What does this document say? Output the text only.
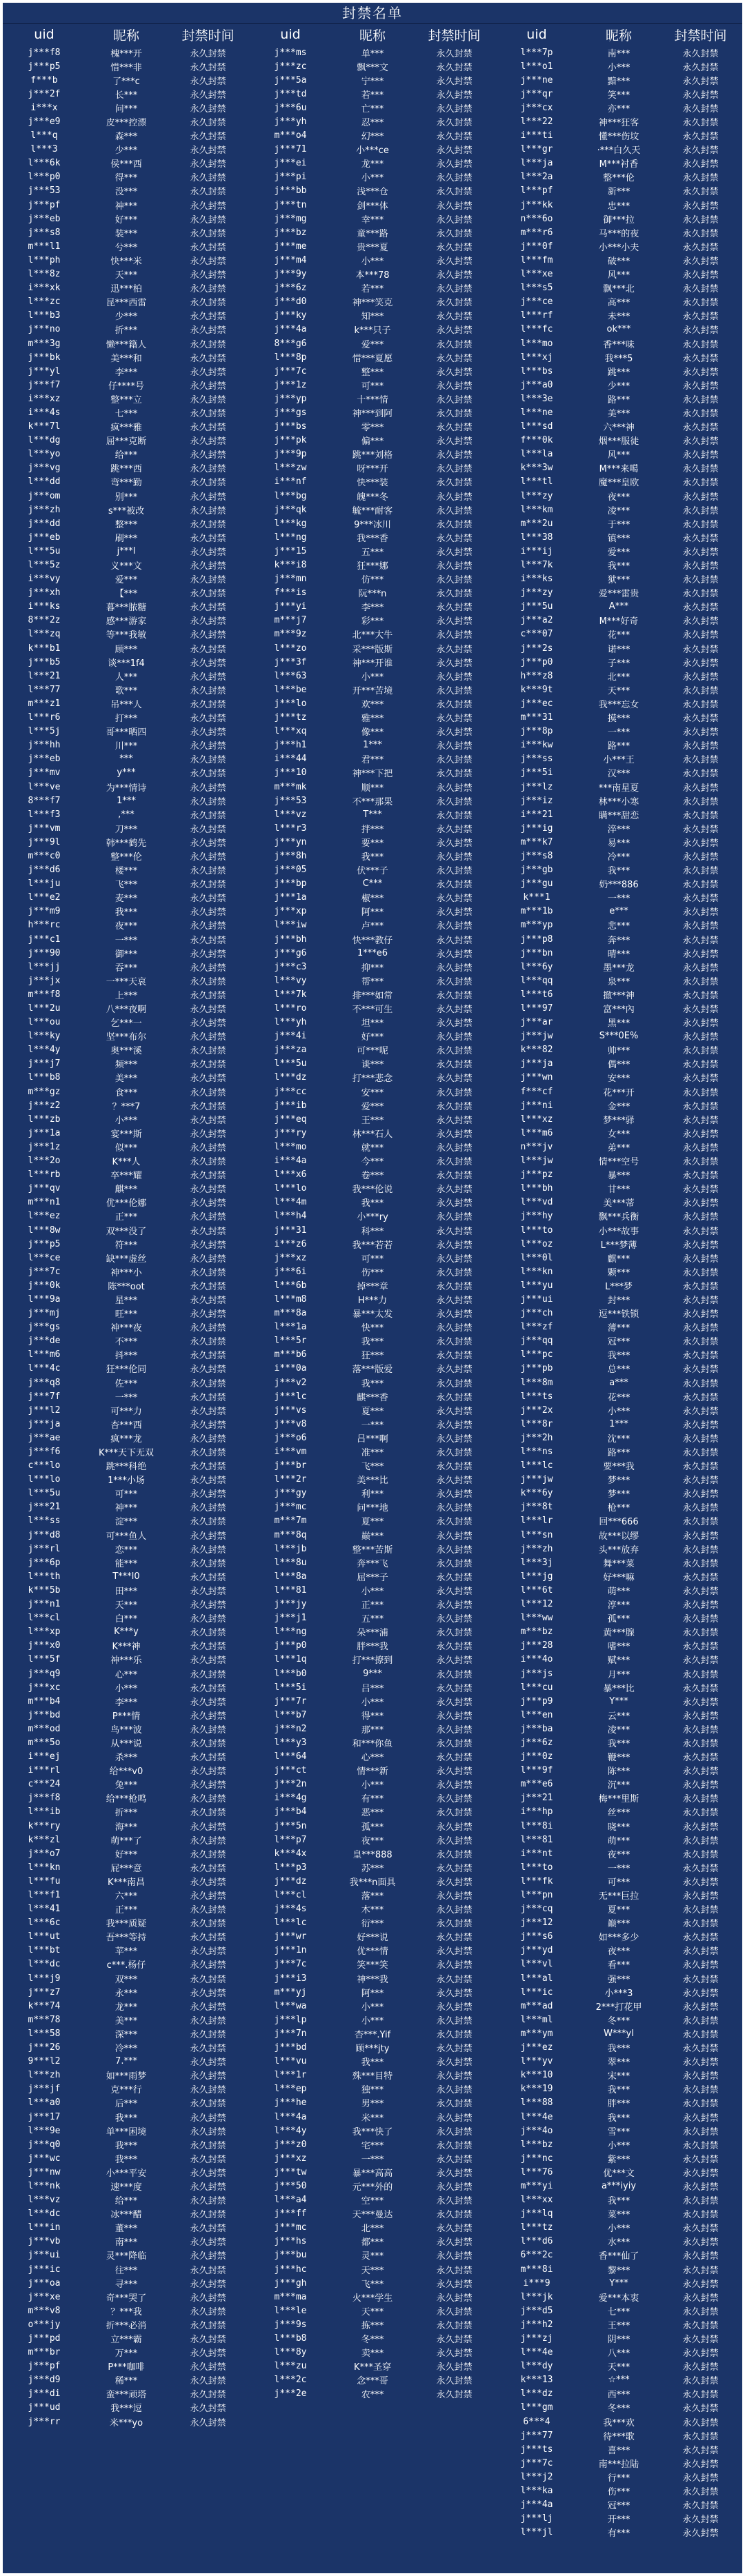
封禁名单
uid	昵称	封禁时间
j***f8	槐***开	永久封禁
j***p5	惜***非	永久封禁
f***b	了***c	永久封禁
j***2f	长***	永久封禁
i***x	问***	永久封禁
j***e9	皮***控漂	永久封禁
l***q	森***	永久封禁
l***3	少***	永久封禁
l***6k	侯***西	永久封禁
l***p0	得***	永久封禁
j***53	没***	永久封禁
j***pf	神***	永久封禁
j***eb	好***	永久封禁
j***s8	装***	永久封禁
m***l1	兮***	永久封禁
l***ph	快***米	永久封禁
l***8z	天***	永久封禁
i***xk	迅***柏	永久封禁
l***zc	昆***西雷	永久封禁
l***b3	少***	永久封禁
j***no	折***	永久封禁
m***3g	懒***籍人	永久封禁
j***bk	美***和	永久封禁
j***yl	李***	永久封禁
j***f7	仔****号	永久封禁
i***xz	整***立	永久封禁
i***4s	七***	永久封禁
k***7l	疯***雅	永久封禁
l***dg	屈***克断	永久封禁
l***yo	给***	永久封禁
j***vg	跳***西	永久封禁
l***dd	弯***勤	永久封禁
j***om	别***	永久封禁
j***zh	s***被改	永久封禁
j***dd	整***	永久封禁
j***eb	刷***	永久封禁
l***5u	j***l	永久封禁
l***5z	义***文	永久封禁
i***vy	爱***	永久封禁
j***xh	【***	永久封禁
i***ks	暮***脓糖	永久封禁
8***2z	感***游家	永久封禁
l***zq	等***我敏	永久封禁
k***b1	顾***	永久封禁
j***b5	谈***1f4	永久封禁
l***21	人***	永久封禁
l***77	歌***	永久封禁
m***z1	吊***人	永久封禁
l***r6	打***	永久封禁
l***5j	哥***晒四	永久封禁
j***hh	川***	永久封禁
j***eb	***	永久封禁
j***mv	y***	永久封禁
l***ve	为***情诗	永久封禁
8***f7	1***	永久封禁
l***f3	,***	永久封禁
j***vm	刀***	永久封禁
j***9l	韩***鹤先	永久封禁
m***c0	整***伦	永久封禁
j***d6	楼***	永久封禁
l***ju	飞***	永久封禁
l***e2	麦***	永久封禁
j***m9	我***	永久封禁
h***rc	夜***	永久封禁
j***c1	一***	永久封禁
j***90	御***	永久封禁
l***jj	吞***	永久封禁
j***jx	一***天哀	永久封禁
m***f8	上***	永久封禁
l***2u	八***夜啊	永久封禁
l***ou	乞***一	永久封禁
l***ky	坚***布尔	永久封禁
l***4y	奥***溪	永久封禁
j***j7	频***	永久封禁
l***b8	美***	永久封禁
m***gz	食***	永久封禁
j***z2	？***7	永久封禁
l***zb	小***	永久封禁
j***1a	宴***斯	永久封禁
j***1z	似***	永久封禁
l***2o	K***人	永久封禁
l***rb	卒***耀	永久封禁
j***qv	麒***	永久封禁
m***n1	优***伦娜	永久封禁
l***ez	正***	永久封禁
l***8w	双***没了	永久封禁
j***p5	符***	永久封禁
l***ce	缺***虚丝	永久封禁
j***7c	神***小	永久封禁
j***0k	陈***oot	永久封禁
l***9a	星***	永久封禁
j***mj	旺***	永久封禁
j***gs	神***夜	永久封禁
j***de	不***	永久封禁
l***m6	抖***	永久封禁
l***4c	狂***伦同	永久封禁
j***q8	佐***	永久封禁
j***7f	一***	永久封禁
j***l2	可***力	永久封禁
j***ja	杏***西	永久封禁
j***ae	疯***龙	永久封禁
j***f6	K***天下无双	永久封禁
c***lo	跳***科绝	永久封禁
l***lo	1***小场	永久封禁
l***5u	可***	永久封禁
j***21	神***	永久封禁
l***ss	淀***	永久封禁
j***d8	可***鱼人	永久封禁
j***rl	恋***	永久封禁
j***6p	能***	永久封禁
l***th	T***l0	永久封禁
k***5b	田***	永久封禁
j***n1	天***	永久封禁
l***cl	白***	永久封禁
l***xp	K***y	永久封禁
j***x0	K***神	永久封禁
l***5f	神***乐	永久封禁
j***q9	心***	永久封禁
j***xc	小***	永久封禁
m***b4	李***	永久封禁
j***bd	P***情	永久封禁
m***od	鸟***波	永久封禁
m***5o	从***说	永久封禁
i***ej	杀***	永久封禁
i***rl	给***v0	永久封禁
c***24	兔***	永久封禁
j***f8	给***枪鸣	永久封禁
l***ib	折***	永久封禁
k***ry	海***	永久封禁
k***zl	萌***了	永久封禁
j***o7	好***	永久封禁
l***kn	屁***意	永久封禁
l***fu	K***南昌	永久封禁
l***f1	六***	永久封禁
l***41	正***	永久封禁
l***6c	我***质疑	永久封禁
l***ut	吾***等持	永久封禁
l***bt	苹***	永久封禁
l***dc	c***.杨仔	永久封禁
l***j9	双***	永久封禁
j***z7	永***	永久封禁
k***74	龙***	永久封禁
m***78	美***	永久封禁
l***58	深***	永久封禁
j***26	冷***	永久封禁
9***l2	7.***	永久封禁
l***zh	如***雨梦	永久封禁
j***jf	克***行	永久封禁
l***a0	后***	永久封禁
j***17	我***	永久封禁
l***9e	单***困境	永久封禁
j***q0	我***	永久封禁
j***wc	我***	永久封禁
j***nw	小***平安	永久封禁
l***nk	速***度	永久封禁
l***vz	给***	永久封禁
l***dc	冰***醋	永久封禁
l***in	董***	永久封禁
j***vb	南***	永久封禁
j***ui	灵***降临	永久封禁
j***ic	往***	永久封禁
j***oa	寻***	永久封禁
j***xe	奇***哭了	永久封禁
m***v8	？***我	永久封禁
o***jy	折***必消	永久封禁
j***pd	立***霸	永久封禁
m***br	万***	永久封禁
j***pf	P***咖啡	永久封禁
j***d9	稀***	永久封禁
j***di	蛮***顽塔	永久封禁
j***ud	我***逗	永久封禁
j***rr	米***yo	永久封禁
uid	昵称	封禁时间
j***ms	单***	永久封禁
j***zc	飘***文	永久封禁
j***5a	宁***	永久封禁
j***td	若***	永久封禁
j***6u	亡***	永久封禁
j***yh	忍***	永久封禁
m***o4	幻***	永久封禁
j***71	小***ce	永久封禁
j***ei	龙***	永久封禁
j***pi	小***	永久封禁
j***bb	浅***仓	永久封禁
j***tn	剑***体	永久封禁
j***mg	幸***	永久封禁
j***bz	童***路	永久封禁
j***me	贵***夏	永久封禁
j***m4	小***	永久封禁
j***9y	本***78	永久封禁
j***6z	若***	永久封禁
j***d0	神***笑克	永久封禁
j***ky	知***	永久封禁
j***4a	k***只子	永久封禁
8***g6	爱***	永久封禁
l***8p	惜***夏愿	永久封禁
j***7c	整***	永久封禁
j***1z	可***	永久封禁
j***yp	十***情	永久封禁
j***gs	神***到阿	永久封禁
j***bs	零***	永久封禁
j***pk	偏***	永久封禁
j***9p	跳***刘格	永久封禁
l***zw	呀***开	永久封禁
i***nf	快***装	永久封禁
l***bg	魄***冬	永久封禁
j***qk	毓***耐客	永久封禁
l***kg	9***冰川	永久封禁
l***ng	我***香	永久封禁
j***15	五***	永久封禁
k***i8	狂***娜	永久封禁
j***mn	仿***	永久封禁
f***is	阮***n	永久封禁
j***yi	李***	永久封禁
m***j7	彩***	永久封禁
m***9z	北***大牛	永久封禁
l***zo	采***版斯	永久封禁
j***3f	神***开谁	永久封禁
l***63	小***	永久封禁
l***be	开***苦境	永久封禁
j***lo	欢***	永久封禁
j***tz	雅***	永久封禁
l***xq	像***	永久封禁
j***h1	1***	永久封禁
i***44	君***	永久封禁
j***10	神***下把	永久封禁
m***mk	顺***	永久封禁
j***53	不***那果	永久封禁
l***vz	T***	永久封禁
l***r3	拌***	永久封禁
j***yn	要***	永久封禁
j***8h	我***	永久封禁
j***05	伏***子	永久封禁
j***bp	C***	永久封禁
j***1a	椒***	永久封禁
j***xp	阿***	永久封禁
l***iw	卢***	永久封禁
j***bh	快***教仔	永久封禁
j***g6	1***e6	永久封禁
j***c3	抑***	永久封禁
l***vy	帮***	永久封禁
l***7k	排***如常	永久封禁
l***ro	不***可生	永久封禁
l***yh	坦***	永久封禁
j***4i	好***	永久封禁
j***za	可***呢	永久封禁
l***5u	谈***	永久封禁
l***dz	打***悲念	永久封禁
j***cc	安***	永久封禁
j***ib	爱***	永久封禁
j***eq	王***	永久封禁
j***ry	林***石人	永久封禁
l***mo	就***	永久封禁
i***4a	今***	永久封禁
l***x6	卷***	永久封禁
l***lo	我***伦说	永久封禁
l***4m	我***	永久封禁
l***h4	小***ry	永久封禁
j***31	科***	永久封禁
i***z6	我***若若	永久封禁
j***xz	可***	永久封禁
j***6i	伤***	永久封禁
l***6b	掉***章	永久封禁
l***m8	H***力	永久封禁
m***8a	暴***太发	永久封禁
l***1a	快***	永久封禁
l***5r	我***	永久封禁
m***b6	狂***	永久封禁
i***0a	落***版爱	永久封禁
j***v2	我***	永久封禁
j***lc	麒***香	永久封禁
j***vs	夏***	永久封禁
j***v8	一***	永久封禁
j***o6	吕***啊	永久封禁
i***vm	准***	永久封禁
j***br	飞***	永久封禁
l***2r	美***比	永久封禁
j***gy	利***	永久封禁
j***mc	问***地	永久封禁
m***7m	夏***	永久封禁
m***8q	巅***	永久封禁
l***jb	整***苦斯	永久封禁
l***8u	奔***飞	永久封禁
l***8a	屈***子	永久封禁
l***81	小***	永久封禁
j***jy	正***	永久封禁
j***j1	五***	永久封禁
l***ng	朵***浦	永久封禁
j***p0	胖***我	永久封禁
l***1q	打***撩到	永久封禁
l***b0	9***	永久封禁
l***5i	吕***	永久封禁
j***7r	小***	永久封禁
l***b7	得***	永久封禁
j***n2	那***	永久封禁
l***y3	和***你鱼	永久封禁
l***64	心***	永久封禁
j***ct	情***新	永久封禁
j***2n	小***	永久封禁
i***4g	有***	永久封禁
j***b4	恶***	永久封禁
j***5n	孤***	永久封禁
l***p7	夜***	永久封禁
k***4x	皇***888	永久封禁
l***p3	苏***	永久封禁
j***dz	我***n面具	永久封禁
l***cl	落***	永久封禁
j***4s	木***	永久封禁
l***lc	衍***	永久封禁
j***wr	好***说	永久封禁
j***1n	优***情	永久封禁
j***7c	笑***笑	永久封禁
j***i3	神***我	永久封禁
m***yj	阿***	永久封禁
l***wa	小***	永久封禁
j***lp	小***	永久封禁
j***7n	杏***.Yif	永久封禁
j***bd	顾***jty	永久封禁
l***vu	我***	永久封禁
l***1r	殊***目特	永久封禁
l***ep	独***	永久封禁
j***he	男***	永久封禁
l***4a	米***	永久封禁
l***4y	我***快了	永久封禁
j***z0	宅***	永久封禁
j***xz	一***	永久封禁
j***tw	暴***高高	永久封禁
j***50	元***外的	永久封禁
l***a4	空***	永久封禁
j***ff	天***曼达	永久封禁
j***mc	北***	永久封禁
j***hs	都***	永久封禁
j***bu	灵***	永久封禁
j***hc	天***	永久封禁
j***gh	飞***	永久封禁
m***ma	火***学生	永久封禁
l***le	天***	永久封禁
j***9s	拣***	永久封禁
l***b8	冬***	永久封禁
l***8y	卖***	永久封禁
l***zu	K***圣穿	永久封禁
l***2c	念***哥	永久封禁
j***2e	农***	永久封禁
uid	昵称	封禁时间
l***7p	南***	永久封禁
l***o1	小***	永久封禁
j***ne	黯***	永久封禁
j***qr	笑***	永久封禁
j***cx	亦***	永久封禁
l***22	神***狂客	永久封禁
i***ti	懂***伤坟	永久封禁
l***gr	·***白久天	永久封禁
l***ja	M***衬香	永久封禁
l***2a	整***伦	永久封禁
l***pf	新***	永久封禁
j***kk	忠***	永久封禁
n***6o	御***拉	永久封禁
m***r6	马***的夜	永久封禁
j***0f	小***小夫	永久封禁
l***fm	破***	永久封禁
l***xe	风***	永久封禁
l***s5	飘***北	永久封禁
j***ce	高***	永久封禁
l***rf	未***	永久封禁
l***fc	ok***	永久封禁
l***mo	香***味	永久封禁
l***xj	我***5	永久封禁
l***bs	跳***	永久封禁
j***a0	少***	永久封禁
l***3e	路***	永久封禁
l***ne	美***	永久封禁
l***sd	六***神	永久封禁
f***0k	烟***服徒	永久封禁
l***la	风***	永久封禁
k***3w	M***来噶	永久封禁
l***tl	魔***皇欧	永久封禁
l***zy	夜***	永久封禁
l***km	凌***	永久封禁
m***2u	于***	永久封禁
l***38	镇***	永久封禁
i***ij	爱***	永久封禁
l***7k	我***	永久封禁
i***ks	狱***	永久封禁
j***zy	爱***雷贵	永久封禁
j***5u	A***	永久封禁
j***a2	M***好奇	永久封禁
c***07	花***	永久封禁
j***2s	诺***	永久封禁
j***p0	子***	永久封禁
h***z8	北***	永久封禁
k***9t	天***	永久封禁
j***ec	我***忘女	永久封禁
m***31	摸***	永久封禁
j***8p	一***	永久封禁
i***kw	路***	永久封禁
j***ss	小***王	永久封禁
j***5i	汉***	永久封禁
j***lz	***南星夏	永久封禁
j***iz	林***小寒	永久封禁
i***21	瞒***甜恋	永久封禁
j***ig	淬***	永久封禁
m***k7	易***	永久封禁
j***s8	冷***	永久封禁
j***gb	我***	永久封禁
j***gu	奶***886	永久封禁
k***1	一***	永久封禁
m***1b	e***	永久封禁
m***yp	悲***	永久封禁
j***p8	奔***	永久封禁
j***bn	晴***	永久封禁
l***6y	墨***龙	永久封禁
l***qq	泉***	永久封禁
l***t6	撤***神	永久封禁
l***97	富***內	永久封禁
j***ar	黑***	永久封禁
j***jw	S***0E%	永久封禁
k***82	帅***	永久封禁
j***ja	偶***	永久封禁
j***wn	安***	永久封禁
f***cf	花***开	永久封禁
j***ni	金***	永久封禁
l***xz	梦***驿	永久封禁
l***m6	女***	永久封禁
n***jv	弟***	永久封禁
l***jw	情***空号	永久封禁
j***pz	暴***	永久封禁
l***bh	甘***	永久封禁
l***vd	美***蒂	永久封禁
j***hy	飘***兵衡	永久封禁
l***to	小***故事	永久封禁
l***oz	L***梦薄	永久封禁
l***0l	麒***	永久封禁
l***kn	颗***	永久封禁
l***yu	L***梦	永久封禁
j***ui	封***	永久封禁
j***ch	逗***铁锁	永久封禁
l***zf	薄***	永久封禁
j***qq	冠***	永久封禁
l***pc	我***	永久封禁
j***pb	总***	永久封禁
l***8m	a***	永久封禁
l***ts	花***	永久封禁
j***2x	小***	永久封禁
l***8r	1***	永久封禁
j***2h	沈***	永久封禁
l***ns	路***	永久封禁
l***lc	要***我	永久封禁
j***jw	梦***	永久封禁
k***6y	梦***	永久封禁
j***8t	枪***	永久封禁
l***lr	回***666	永久封禁
l***sn	故***以缪	永久封禁
j***zh	头***放弃	永久封禁
l***3j	舞***菜	永久封禁
l***jg	好***嘛	永久封禁
l***6t	萌***	永久封禁
l***12	淳***	永久封禁
l***ww	孤***	永久封禁
m***bz	黄***腺	永久封禁
j***28	嗜***	永久封禁
i***4o	赋***	永久封禁
j***js	月***	永久封禁
l***cu	暴***比	永久封禁
j***p9	Y***	永久封禁
l***en	云***	永久封禁
j***ba	凌***	永久封禁
j***6z	我***	永久封禁
j***0z	鞭***	永久封禁
l***9f	陈***	永久封禁
m***e6	沉***	永久封禁
j***21	梅***里斯	永久封禁
i***hp	丝***	永久封禁
l***8i	晓***	永久封禁
l***81	萌***	永久封禁
i***nt	夜***	永久封禁
l***to	一***	永久封禁
l***fk	可***	永久封禁
l***pn	无***巨拉	永久封禁
j***cq	夏***	永久封禁
j***12	巅***	永久封禁
j***s6	如***多少	永久封禁
j***yd	夜***	永久封禁
l***vl	看***	永久封禁
l***al	强***	永久封禁
l***ic	小***3	永久封禁
m***ad	2***打花甲	永久封禁
l***ml	冬***	永久封禁
m***ym	W***yl	永久封禁
j***ez	我***	永久封禁
l***yv	翠***	永久封禁
k***10	宋***	永久封禁
k***19	我***	永久封禁
l***88	胖***	永久封禁
l***4e	我***	永久封禁
j***4o	雪***	永久封禁
l***bz	小***	永久封禁
j***nc	紫***	永久封禁
l***76	优***文	永久封禁
m***yi	a***iyiy	永久封禁
l***xx	我***	永久封禁
j***lq	菜***	永久封禁
l***tz	小***	永久封禁
l***d6	水***	永久封禁
6***2c	香***仙了	永久封禁
m***8i	黎***	永久封禁
i***9	Y***	永久封禁
l***jk	爱***本衷	永久封禁
j***d5	七***	永久封禁
j***h2	王***	永久封禁
j***zj	阴***	永久封禁
l***4e	八***	永久封禁
l***dy	天***	永久封禁
k***13	☆***	永久封禁
l***dz	西***	永久封禁
l***gm	冬***	永久封禁
6***4	我***欢	永久封禁
j***77	待***歌	永久封禁
j***ts	喜***	永久封禁
j***7c	南***拉陆	永久封禁
l***j2	行***	永久封禁
l***ka	伤***	永久封禁
j***4a	冠***	永久封禁
j***lj	开***	永久封禁
l***jl	有***	永久封禁
